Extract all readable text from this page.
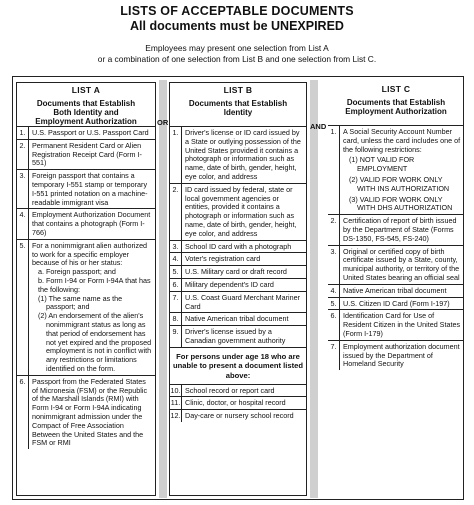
LISTS OF ACCEPTABLE DOCUMENTS
All documents must be UNEXPIRED
Employees may present one selection from List A
or a combination of one selection from List B and one selection from List C.
OR	AND
LIST A
Documents that Establish
Both Identity and
Employment Authorization
1. U.S. Passport or U.S. Passport Card
2. Permanent Resident Card or Alien Registration Receipt Card (Form I-551)
3. Foreign passport that contains a temporary I-551 stamp or temporary I-551 printed notation on a machine-readable immigrant visa
4. Employment Authorization Document that contains a photograph (Form I-766)
5. For a nonimmigrant alien authorized to work for a specific employer because of his or her status:
a. Foreign passport; and
b. Form I-94 or Form I-94A that has the following:
(1) The same name as the passport; and
(2) An endorsement of the alien's nonimmigrant status as long as that period of endorsement has not yet expired and the proposed employment is not in conflict with any restrictions or limitations identified on the form.
6. Passport from the Federated States of Micronesia (FSM) or the Republic of the Marshall Islands (RMI) with Form I-94 or Form I-94A indicating nonimmigrant admission under the Compact of Free Association Between the United States and the FSM or RMI
LIST B
Documents that Establish
Identity
1. Driver's license or ID card issued by a State or outlying possession of the United States provided it contains a photograph or information such as name, date of birth, gender, height, eye color, and address
2. ID card issued by federal, state or local government agencies or entities, provided it contains a photograph or information such as name, date of birth, gender, height, eye color, and address
3. School ID card with a photograph
4. Voter's registration card
5. U.S. Military card or draft record
6. Military dependent's ID card
7. U.S. Coast Guard Merchant Mariner Card
8. Native American tribal document
9. Driver's license issued by a Canadian government authority
For persons under age 18 who are unable to present a document listed above:
10. School record or report card
11. Clinic, doctor, or hospital record
12. Day-care or nursery school record
LIST C
Documents that Establish
Employment Authorization
1. A Social Security Account Number card, unless the card includes one of the following restrictions:
(1) NOT VALID FOR EMPLOYMENT
(2) VALID FOR WORK ONLY WITH INS AUTHORIZATION
(3) VALID FOR WORK ONLY WITH DHS AUTHORIZATION
2. Certification of report of birth issued by the Department of State (Forms DS-1350, FS-545, FS-240)
3. Original or certified copy of birth certificate issued by a State, county, municipal authority, or territory of the United States bearing an official seal
4. Native American tribal document
5. U.S. Citizen ID Card (Form I-197)
6. Identification Card for Use of Resident Citizen in the United States (Form I-179)
7. Employment authorization document issued by the Department of Homeland Security
